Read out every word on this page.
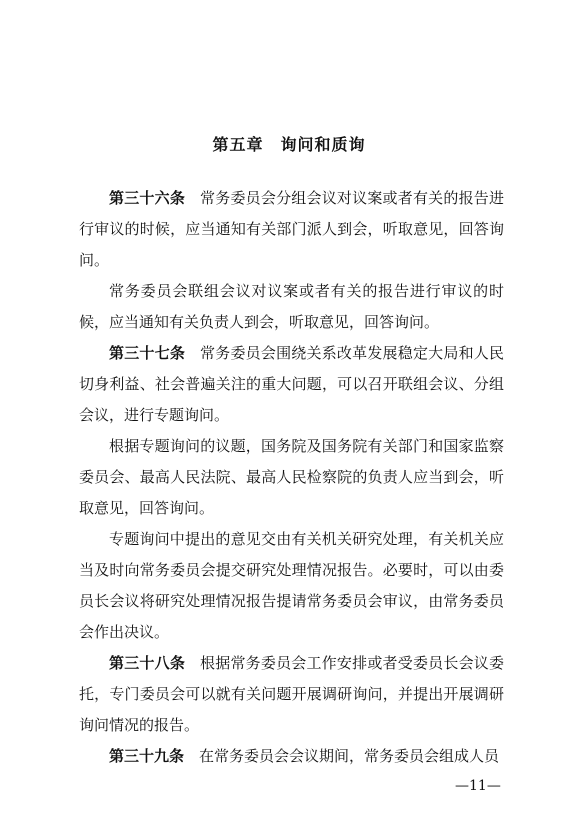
第五章　询问和质询

第三十六条 常务委员会分组会议对议案或者有关的报告进行审议的时候，应当通知有关部门派人到会，听取意见，回答询问。

常务委员会联组会议对议案或者有关的报告进行审议的时候，应当通知有关负责人到会，听取意见，回答询问。

第三十七条 常务委员会围绕关系改革发展稳定大局和人民切身利益、社会普遍关注的重大问题，可以召开联组会议、分组会议，进行专题询问。

根据专题询问的议题，国务院及国务院有关部门和国家监察委员会、最高人民法院、最高人民检察院的负责人应当到会，听取意见，回答询问。

专题询问中提出的意见交由有关机关研究处理，有关机关应当及时向常务委员会提交研究处理情况报告。必要时，可以由委员长会议将研究处理情况报告提请常务委员会审议，由常务委员会作出决议。

第三十八条 根据常务委员会工作安排或者受委员长会议委托，专门委员会可以就有关问题开展调研询问，并提出开展调研询问情况的报告。

第三十九条 在常务委员会会议期间，常务委员会组成人员

—11—
